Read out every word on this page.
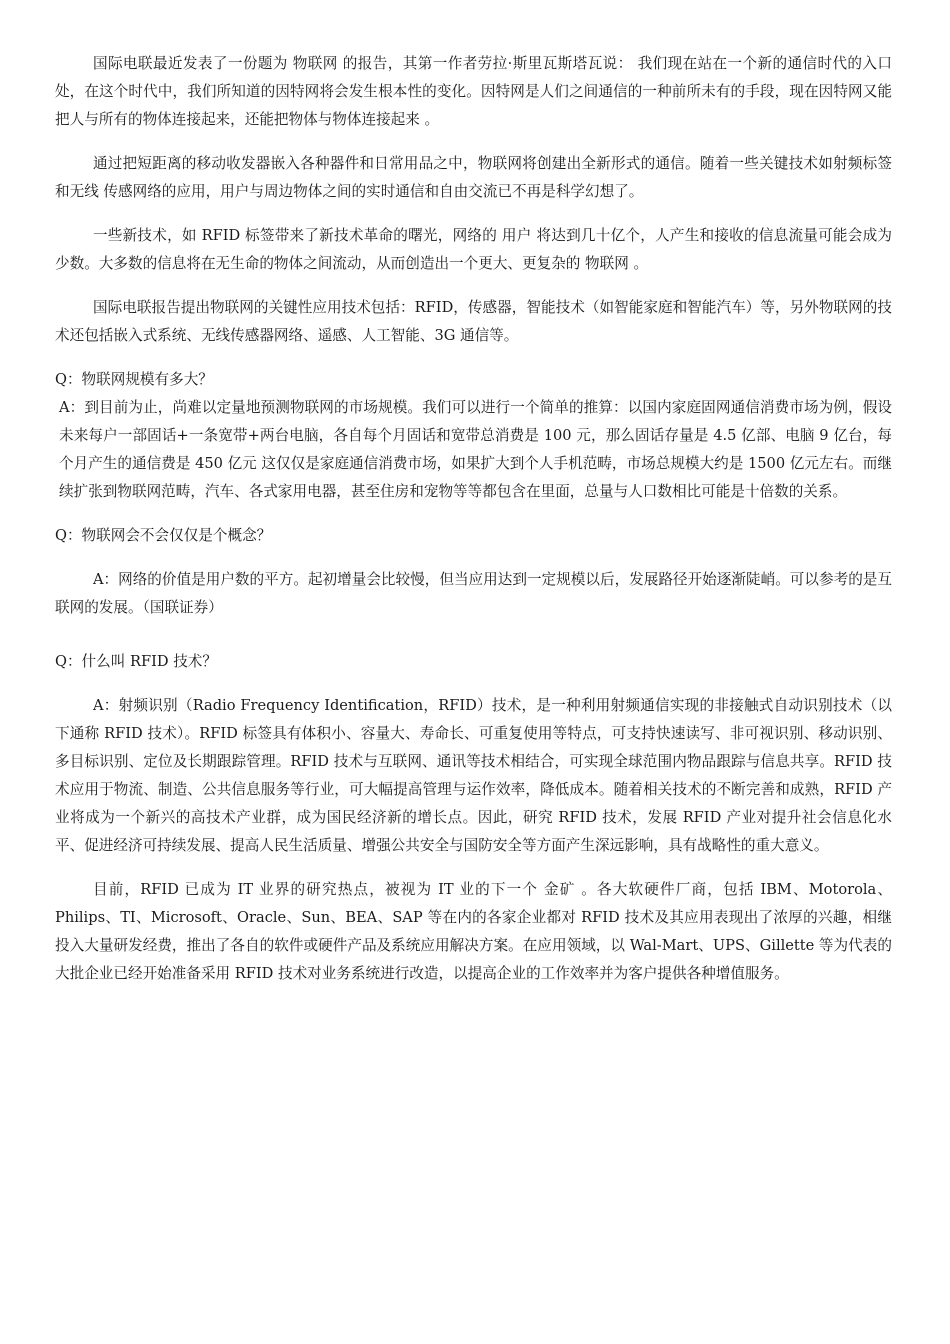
国际电联最近发表了一份题为 物联网 的报告，其第一作者劳拉·斯里瓦斯塔瓦说： 我们现在站在一个新的通信时代的入口处，在这个时代中，我们所知道的因特网将会发生根本性的变化。因特网是人们之间通信的一种前所未有的手段，现在因特网又能把人与所有的物体连接起来，还能把物体与物体连接起来 。

通过把短距离的移动收发器嵌入各种器件和日常用品之中，物联网将创建出全新形式的通信。随着一些关键技术如射频标签和无线 传感网络的应用，用户与周边物体之间的实时通信和自由交流已不再是科学幻想了。

一些新技术，如 RFID 标签带来了新技术革命的曙光，网络的 用户 将达到几十亿个，人产生和接收的信息流量可能会成为少数。大多数的信息将在无生命的物体之间流动，从而创造出一个更大、更复杂的 物联网 。

国际电联报告提出物联网的关键性应用技术包括：RFID，传感器，智能技术（如智能家庭和智能汽车）等，另外物联网的技术还包括嵌入式系统、无线传感器网络、遥感、人工智能、3G 通信等。

Q：物联网规模有多大？

A：到目前为止，尚难以定量地预测物联网的市场规模。我们可以进行一个简单的推算：以国内家庭固网通信消费市场为例，假设未来每户一部固话+一条宽带+两台电脑，各自每个月固话和宽带总消费是 100 元，那么固话存量是 4.5 亿部、电脑 9 亿台，每个月产生的通信费是 450 亿元 这仅仅是家庭通信消费市场，如果扩大到个人手机范畴，市场总规模大约是 1500 亿元左右。而继续扩张到物联网范畴，汽车、各式家用电器，甚至住房和宠物等等都包含在里面，总量与人口数相比可能是十倍数的关系。

Q：物联网会不会仅仅是个概念？

A：网络的价值是用户数的平方。起初增量会比较慢，但当应用达到一定规模以后，发展路径开始逐渐陡峭。可以参考的是互联网的发展。（国联证券）

Q：什么叫 RFID 技术？

A：射频识别（Radio Frequency Identification，RFID）技术，是一种利用射频通信实现的非接触式自动识别技术（以下通称 RFID 技术）。RFID 标签具有体积小、容量大、寿命长、可重复使用等特点，可支持快速读写、非可视识别、移动识别、多目标识别、定位及长期跟踪管理。RFID 技术与互联网、通讯等技术相结合，可实现全球范围内物品跟踪与信息共享。RFID 技术应用于物流、制造、公共信息服务等行业，可大幅提高管理与运作效率，降低成本。随着相关技术的不断完善和成熟，RFID 产业将成为一个新兴的高技术产业群，成为国民经济新的增长点。因此，研究 RFID 技术，发展 RFID 产业对提升社会信息化水平、促进经济可持续发展、提高人民生活质量、增强公共安全与国防安全等方面产生深远影响，具有战略性的重大意义。

目前，RFID 已成为 IT 业界的研究热点，被视为 IT 业的下一个 金矿 。各大软硬件厂商，包括 IBM、Motorola、Philips、TI、Microsoft、Oracle、Sun、BEA、SAP 等在内的各家企业都对 RFID 技术及其应用表现出了浓厚的兴趣，相继投入大量研发经费，推出了各自的软件或硬件产品及系统应用解决方案。在应用领域，以 Wal-Mart、UPS、Gillette 等为代表的大批企业已经开始准备采用 RFID 技术对业务系统进行改造，以提高企业的工作效率并为客户提供各种增值服务。
